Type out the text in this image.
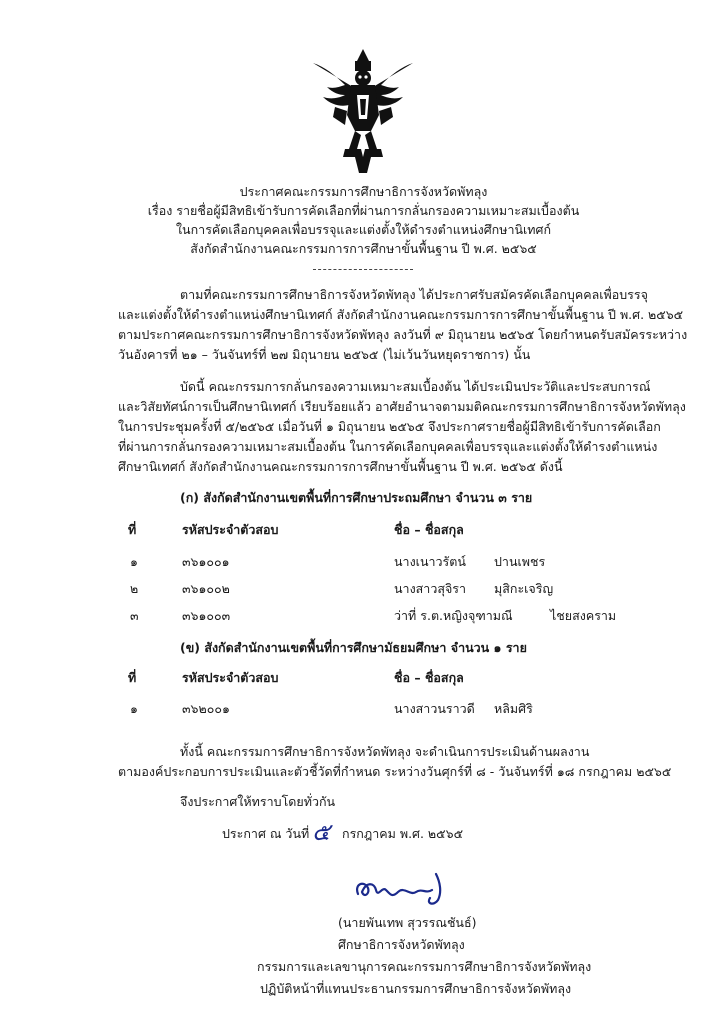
ประกาศคณะกรรมการศึกษาธิการจังหวัดพัทลุง
เรื่อง รายชื่อผู้มีสิทธิเข้ารับการคัดเลือกที่ผ่านการกลั่นกรองความเหมาะสมเบื้องต้น
ในการคัดเลือกบุคคลเพื่อบรรจุและแต่งตั้งให้ดำรงตำแหน่งศึกษานิเทศก์
สังกัดสำนักงานคณะกรรมการการศึกษาขั้นพื้นฐาน ปี พ.ศ. ๒๕๖๕
ตามที่คณะกรรมการศึกษาธิการจังหวัดพัทลุง ได้ประกาศรับสมัครคัดเลือกบุคคลเพื่อบรรจุ
และแต่งตั้งให้ดำรงตำแหน่งศึกษานิเทศก์ สังกัดสำนักงานคณะกรรมการการศึกษาขั้นพื้นฐาน ปี พ.ศ. ๒๕๖๕
ตามประกาศคณะกรรมการศึกษาธิการจังหวัดพัทลุง ลงวันที่ ๙ มิถุนายน ๒๕๖๕ โดยกำหนดรับสมัครระหว่าง
วันอังคารที่ ๒๑ – วันจันทร์ที่ ๒๗ มิถุนายน ๒๕๖๕ (ไม่เว้นวันหยุดราชการ) นั้น
บัดนี้ คณะกรรมการกลั่นกรองความเหมาะสมเบื้องต้น ได้ประเมินประวัติและประสบการณ์
และวิสัยทัศน์การเป็นศึกษานิเทศก์ เรียบร้อยแล้ว อาศัยอำนาจตามมติคณะกรรมการศึกษาธิการจังหวัดพัทลุง
ในการประชุมครั้งที่ ๕/๒๕๖๕ เมื่อวันที่ ๑ มิถุนายน ๒๕๖๕ จึงประกาศรายชื่อผู้มีสิทธิเข้ารับการคัดเลือก
ที่ผ่านการกลั่นกรองความเหมาะสมเบื้องต้น ในการคัดเลือกบุคคลเพื่อบรรจุและแต่งตั้งให้ดำรงตำแหน่ง
ศึกษานิเทศก์ สังกัดสำนักงานคณะกรรมการการศึกษาขั้นพื้นฐาน ปี พ.ศ. ๒๕๖๕ ดังนี้
(ก) สังกัดสำนักงานเขตพื้นที่การศึกษาประถมศึกษา จำนวน ๓ ราย
ที่	รหัสประจำตัวสอบ	ชื่อ – ชื่อสกุล
๑	๓๖๑๐๐๑	นางเนาวรัตน์ ปานเพชร
๒	๓๖๑๐๐๒	นางสาวสุจิรา มุสิกะเจริญ
๓	๓๖๑๐๐๓	ว่าที่ ร.ต.หญิงจุฑามณี	ไชยสงคราม
(ข) สังกัดสำนักงานเขตพื้นที่การศึกษามัธยมศึกษา จำนวน ๑ ราย
ที่	รหัสประจำตัวสอบ	ชื่อ – ชื่อสกุล
๑	๓๖๒๐๐๑	นางสาวนราวดี หลิมศิริ
ทั้งนี้ คณะกรรมการศึกษาธิการจังหวัดพัทลุง จะดำเนินการประเมินด้านผลงาน
ตามองค์ประกอบการประเมินและตัวชี้วัดที่กำหนด ระหว่างวันศุกร์ที่ ๘ - วันจันทร์ที่ ๑๘ กรกฎาคม ๒๕๖๕
จึงประกาศให้ทราบโดยทั่วกัน
ประกาศ ณ วันที่ ๕ กรกฎาคม พ.ศ. ๒๕๖๕
(นายพันเทพ สุวรรณชันธ์)
ศึกษาธิการจังหวัดพัทลุง
กรรมการและเลขานุการคณะกรรมการศึกษาธิการจังหวัดพัทลุง
ปฏิบัติหน้าที่แทนประธานกรรมการศึกษาธิการจังหวัดพัทลุง
